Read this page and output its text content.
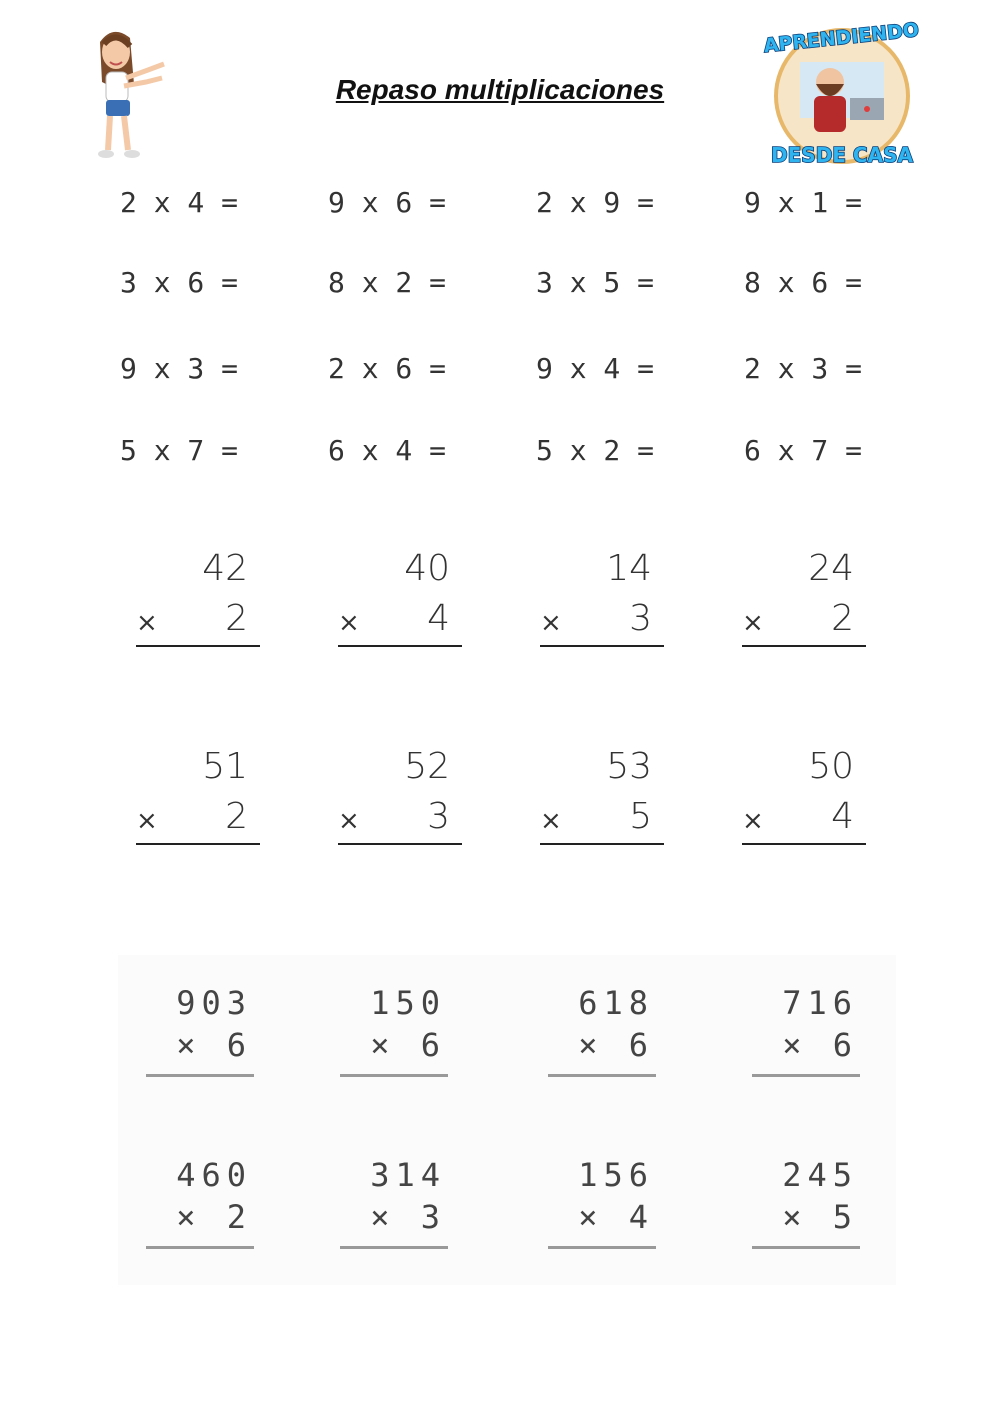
Repaso multiplicaciones
APRENDIENDO
DESDE CASA
2 x 4 =	9 x 6 =	2 x 9 =	9 x 1 =
3 x 6 =	8 x 2 =	3 x 5 =	8 x 6 =
9 x 3 =	2 x 6 =	9 x 4 =	2 x 3 =
5 x 7 =	6 x 4 =	5 x 2 =	6 x 7 =
42
× 2
40
× 4
14
× 3
24
× 2
51
× 2
52
× 3
53
× 5
50
× 4
903
× 6
150
× 6
618
× 6
716
× 6
460
× 2
314
× 3
156
× 4
245
× 5
